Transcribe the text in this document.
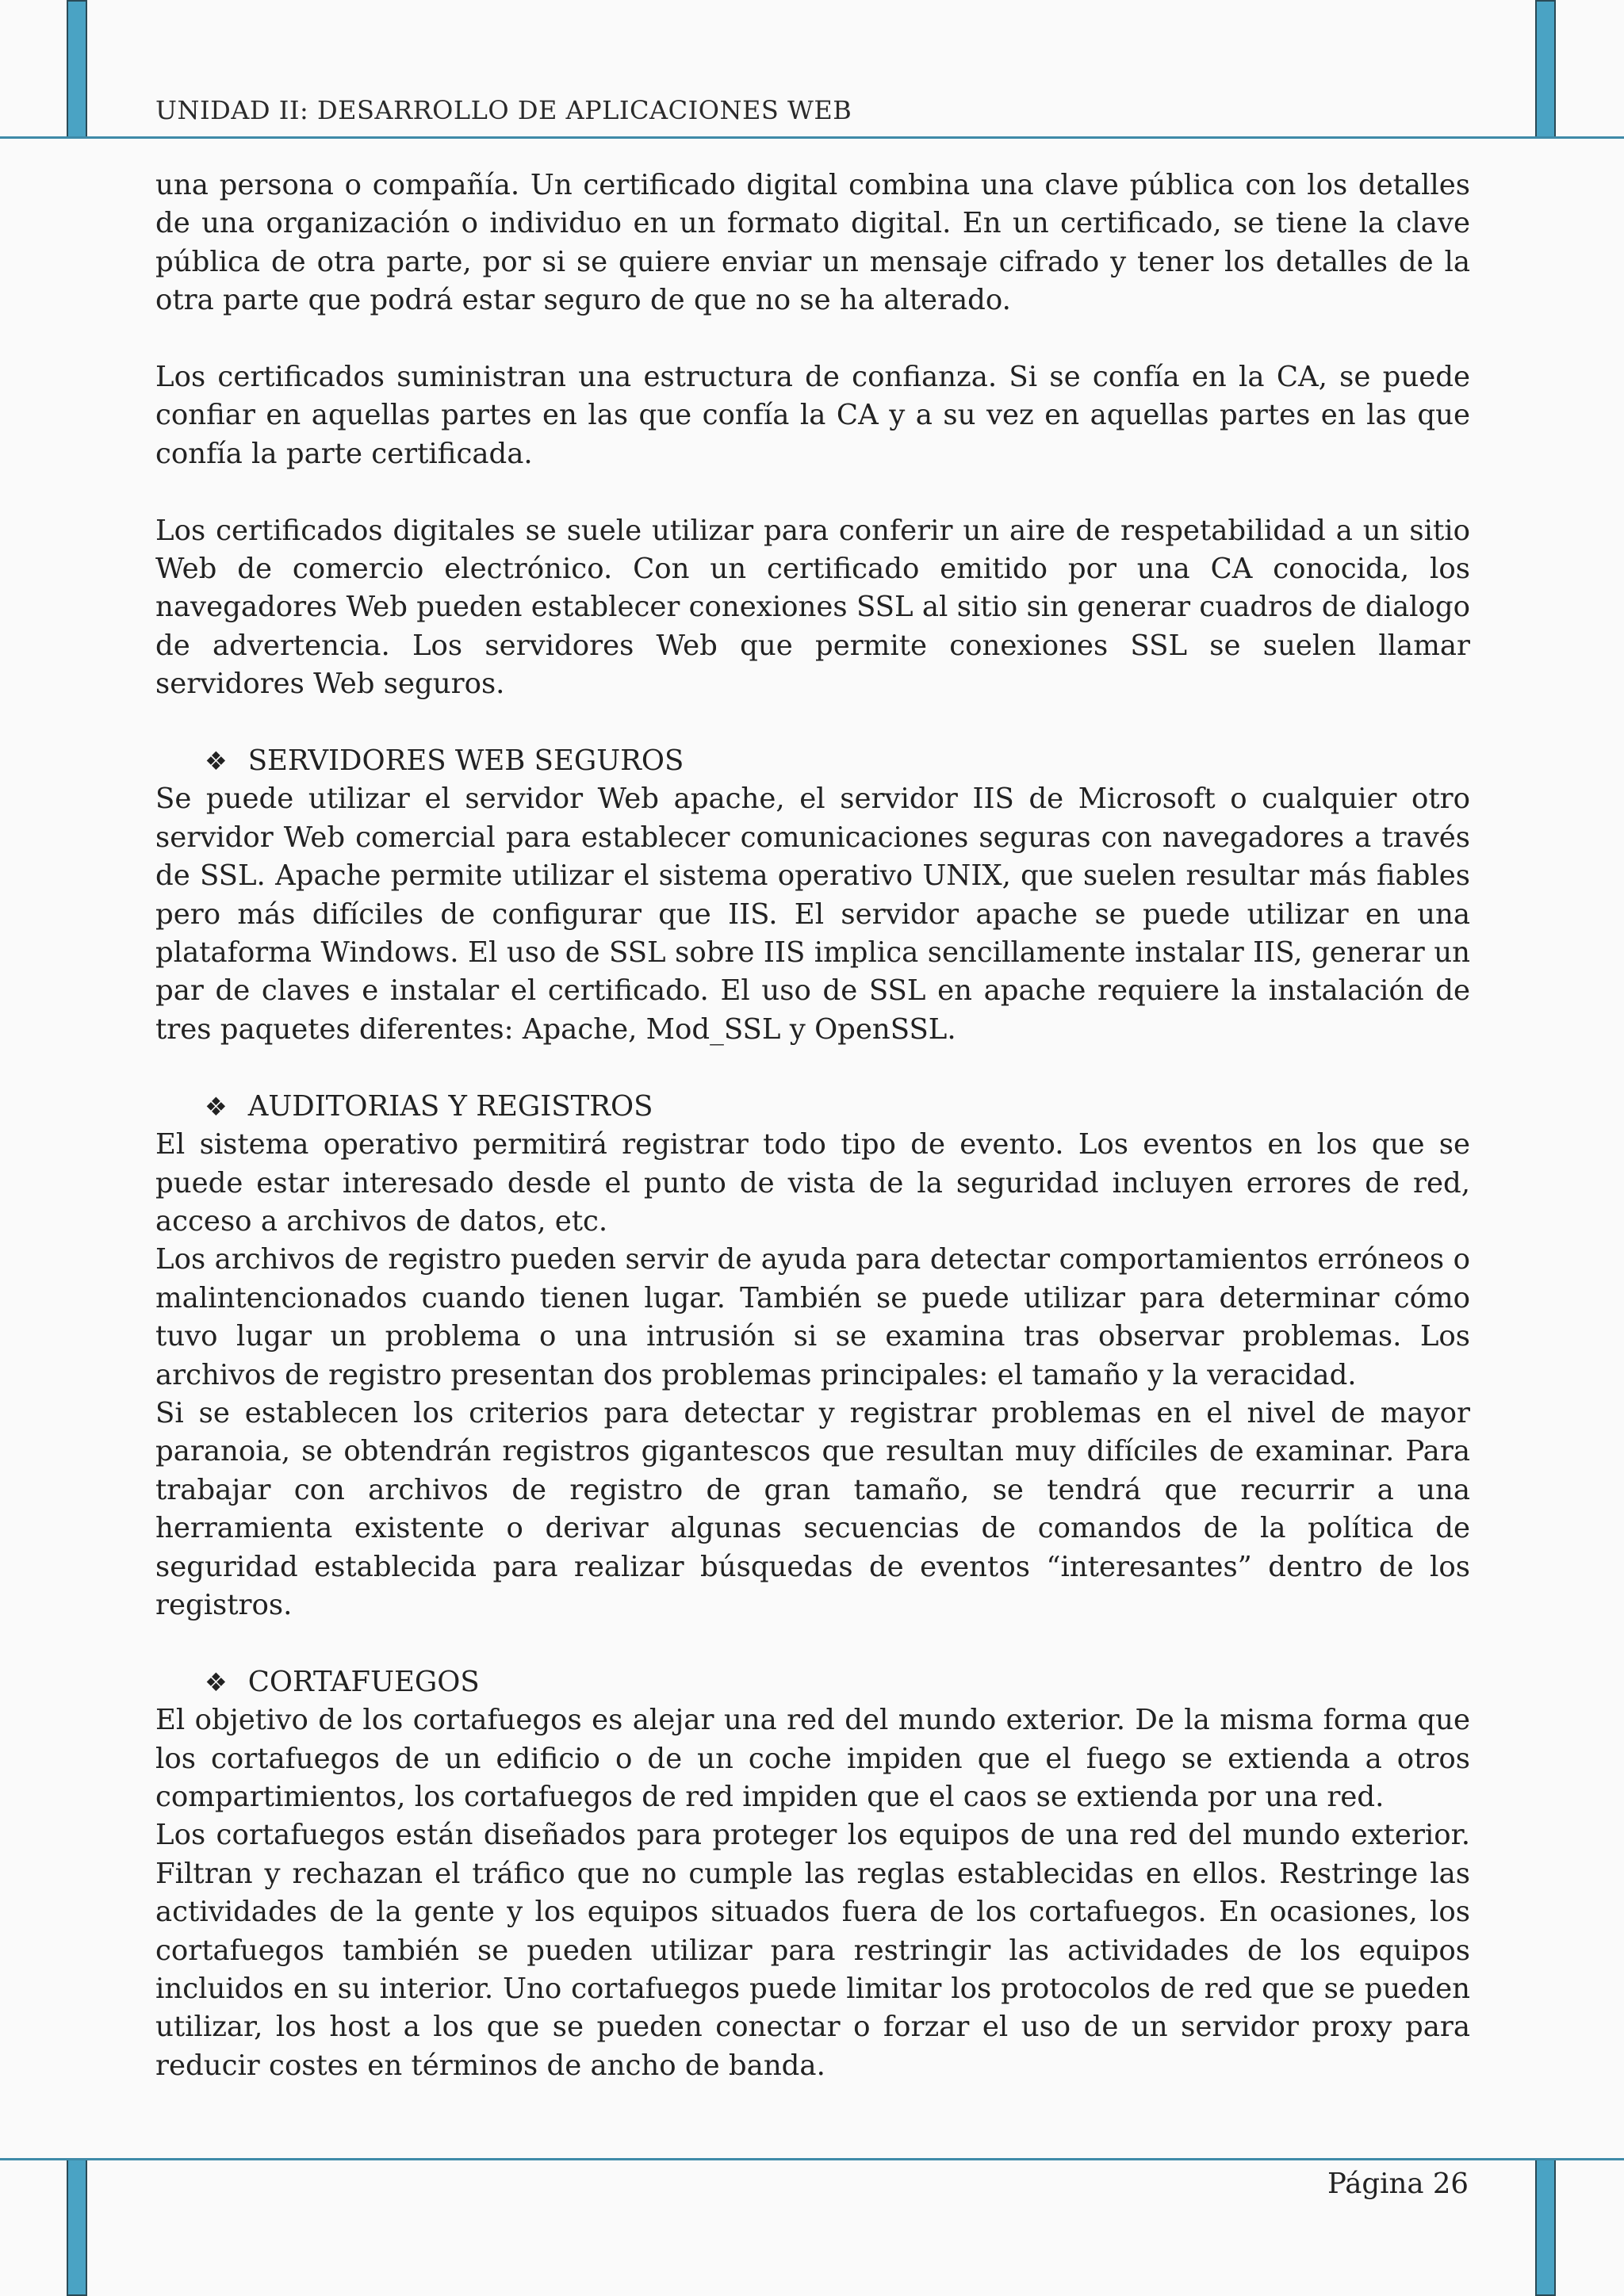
UNIDAD II: DESARROLLO DE APLICACIONES WEB

una persona o compañía. Un certificado digital combina una clave pública con los detalles de una organización o individuo en un formato digital. En un certificado, se tiene la clave pública de otra parte, por si se quiere enviar un mensaje cifrado y tener los detalles de la otra parte que podrá estar seguro de que no se ha alterado.

Los certificados suministran una estructura de confianza. Si se confía en la CA, se puede confiar en aquellas partes en las que confía la CA y a su vez en aquellas partes en las que confía la parte certificada.

Los certificados digitales se suele utilizar para conferir un aire de respetabilidad a un sitio Web de comercio electrónico. Con un certificado emitido por una CA conocida, los navegadores Web pueden establecer conexiones SSL al sitio sin generar cuadros de dialogo de advertencia. Los servidores Web que permite conexiones SSL se suelen llamar servidores Web seguros.

❖ SERVIDORES WEB SEGUROS

Se puede utilizar el servidor Web apache, el servidor IIS de Microsoft o cualquier otro servidor Web comercial para establecer comunicaciones seguras con navegadores a través de SSL. Apache permite utilizar el sistema operativo UNIX, que suelen resultar más fiables pero más difíciles de configurar que IIS. El servidor apache se puede utilizar en una plataforma Windows. El uso de SSL sobre IIS implica sencillamente instalar IIS, generar un par de claves e instalar el certificado. El uso de SSL en apache requiere la instalación de tres paquetes diferentes: Apache, Mod_SSL y OpenSSL.

❖ AUDITORIAS Y REGISTROS

El sistema operativo permitirá registrar todo tipo de evento. Los eventos en los que se puede estar interesado desde el punto de vista de la seguridad incluyen errores de red, acceso a archivos de datos, etc.

Los archivos de registro pueden servir de ayuda para detectar comportamientos erróneos o malintencionados cuando tienen lugar. También se puede utilizar para determinar cómo tuvo lugar un problema o una intrusión si se examina tras observar problemas. Los archivos de registro presentan dos problemas principales: el tamaño y la veracidad.

Si se establecen los criterios para detectar y registrar problemas en el nivel de mayor paranoia, se obtendrán registros gigantescos que resultan muy difíciles de examinar. Para trabajar con archivos de registro de gran tamaño, se tendrá que recurrir a una herramienta existente o derivar algunas secuencias de comandos de la política de seguridad establecida para realizar búsquedas de eventos “interesantes” dentro de los registros.

❖ CORTAFUEGOS

El objetivo de los cortafuegos es alejar una red del mundo exterior. De la misma forma que los cortafuegos de un edificio o de un coche impiden que el fuego se extienda a otros compartimientos, los cortafuegos de red impiden que el caos se extienda por una red.

Los cortafuegos están diseñados para proteger los equipos de una red del mundo exterior. Filtran y rechazan el tráfico que no cumple las reglas establecidas en ellos. Restringe las actividades de la gente y los equipos situados fuera de los cortafuegos. En ocasiones, los cortafuegos también se pueden utilizar para restringir las actividades de los equipos incluidos en su interior. Uno cortafuegos puede limitar los protocolos de red que se pueden utilizar, los host a los que se pueden conectar o forzar el uso de un servidor proxy para reducir costes en términos de ancho de banda.

Página 26
